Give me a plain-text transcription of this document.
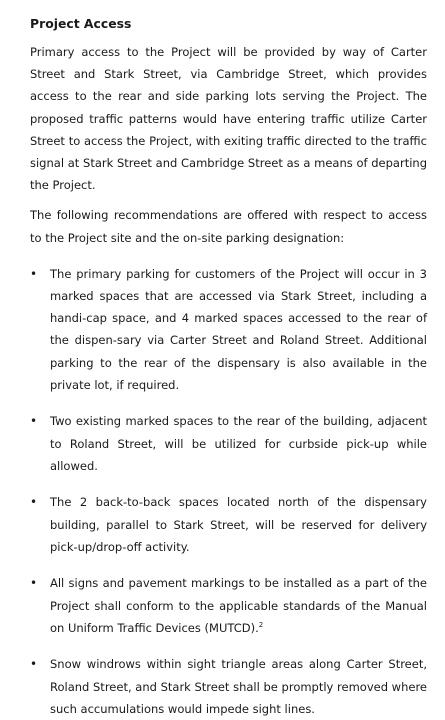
Project Access

Primary access to the Project will be provided by way of Carter Street and Stark Street, via Cambridge Street, which provides access to the rear and side parking lots serving the Project. The proposed traffic patterns would have entering traffic utilize Carter Street to access the Project, with exiting traffic directed to the traffic signal at Stark Street and Cambridge Street as a means of departing the Project.

The following recommendations are offered with respect to access to the Project site and the on-site parking designation:

• The primary parking for customers of the Project will occur in 3 marked spaces that are accessed via Stark Street, including a handi-cap space, and 4 marked spaces accessed to the rear of the dispen-sary via Carter Street and Roland Street. Additional parking to the rear of the dispensary is also available in the private lot, if required.
• Two existing marked spaces to the rear of the building, adjacent to Roland Street, will be utilized for curbside pick-up while allowed.
• The 2 back-to-back spaces located north of the dispensary building, parallel to Stark Street, will be reserved for delivery pick-up/drop-off activity.
• All signs and pavement markings to be installed as a part of the Project shall conform to the applicable standards of the Manual on Uniform Traffic Devices (MUTCD).$^2$
• Snow windrows within sight triangle areas along Carter Street, Roland Street, and Stark Street shall be promptly removed where such accumulations would impede sight lines.
